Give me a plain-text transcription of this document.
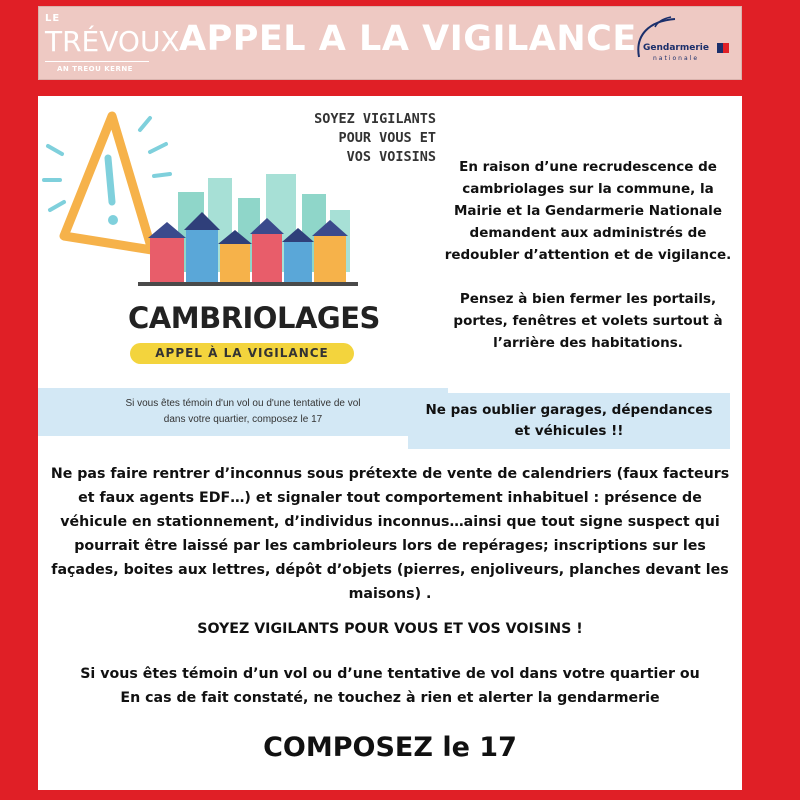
LE
TRÉVOUX
AN TREOU KERNE
APPEL A LA VIGILANCE Gendarmerie
nationale
SOYEZ VIGILANTS
POUR VOUS ET
VOS VOISINS
CAMBRIOLAGES
APPEL À LA VIGILANCE
Si vous êtes témoin d'un vol ou d'une tentative de vol
dans votre quartier, composez le 17

En raison d’une recrudescence de cambriolages sur la commune, la Mairie et la Gendarmerie Nationale demandent aux administrés de redoubler d’attention et de vigilance.

Pensez à bien fermer les portails, portes, fenêtres et volets surtout à l’arrière des habitations.

Ne pas oublier garages, dépendances
et véhicules !!
Ne pas faire rentrer d’inconnus sous prétexte de vente de calendriers (faux facteurs et faux agents EDF…) et signaler tout comportement inhabituel : présence de véhicule en stationnement, d’individus inconnus…ainsi que tout signe suspect qui pourrait être laissé par les cambrioleurs lors de repérages; inscriptions sur les façades, boites aux lettres, dépôt d’objets (pierres, enjoliveurs, planches devant les maisons) .
SOYEZ VIGILANTS POUR VOUS ET VOS VOISINS !
Si vous êtes témoin d’un vol ou d’une tentative de vol dans votre quartier ou
En cas de fait constaté, ne touchez à rien et alerter la gendarmerie
COMPOSEZ le 17
